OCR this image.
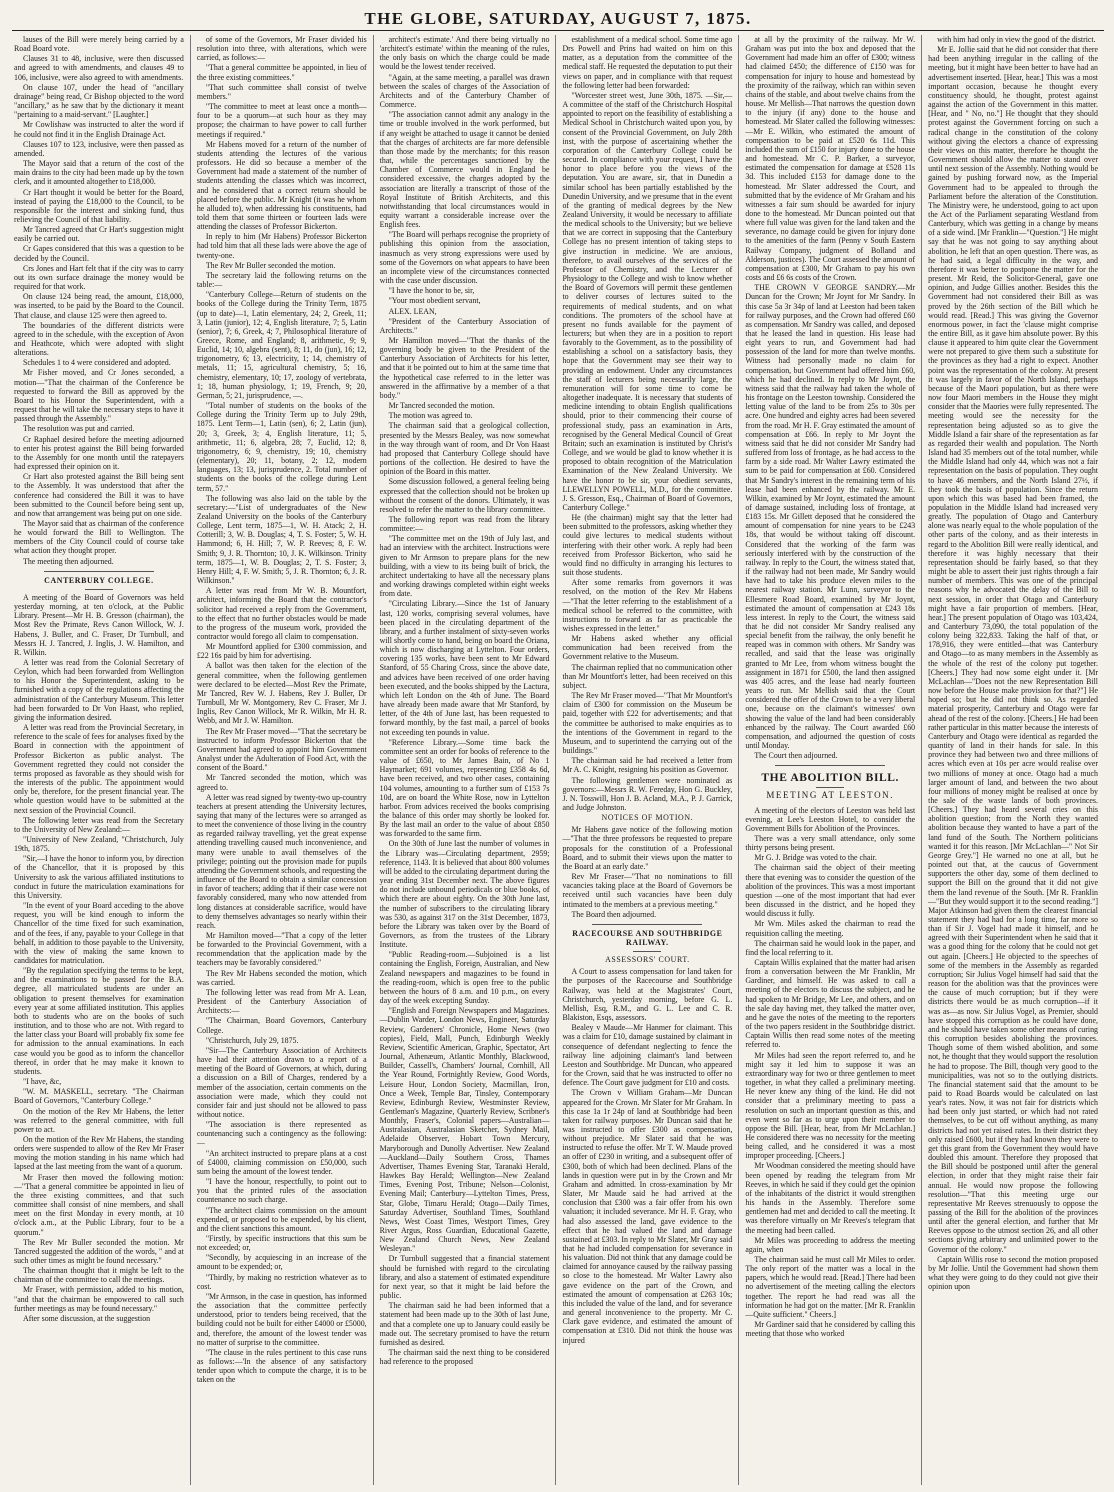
THE GLOBE, SATURDAY, AUGUST 7, 1875.

lauses of the Bill were merely being carried by a Road Board vote.

Clauses 31 to 48, inclusive, were then discussed and agreed to with amendments, and clauses 49 to 106, inclusive, were also agreed to with amendments.

On clause 107, under the head of "ancillary drainage" being read, Cr Bishop objected to the word "ancillary," as he saw that by the dictionary it meant "pertaining to a maid-servant." [Laughter.]

Mr Cowlishaw was instructed to alter the word if he could not find it in the English Drainage Act.

Clauses 107 to 123, inclusive, were then passed as amended.

The Mayor said that a return of the cost of the main drains to the city had been made up by the town clerk, and it amounted altogether to £18,000.

Cr Hart thought it would be better for the Board, instead of paying the £18,000 to the Council, to be responsible for the interest and sinking fund, thus relieving the Council of that liability.

Mr Tancred agreed that Cr Hart's suggestion might easily be carried out.

Cr Gapes considered that this was a question to be decided by the Council.

Crs Jones and Hart felt that if the city was to carry out its own surface drainage the money would be required for that work.

On clause 124 being read, the amount, £18,000, was inserted, to be paid by the Board to the Council. That clause, and clause 125 were then agreed to.

The boundaries of the different districts were agreed to in the schedule, with the exception of Avon and Heathcote, which were adopted with slight alterations.

Schedules 1 to 4 were considered and adopted.

Mr Fisher moved, and Cr Jones seconded, a motion—"That the chairman of the Conference be requested to forward the Bill as approved by the Board to his Honor the Superintendent, with a request that he will take the necessary steps to have it passed through the Assembly."

The resolution was put and carried.

Cr Raphael desired before the meeting adjourned to enter his protest against the Bill being forwarded to the Assembly for one month until the ratepayers had expressed their opinion on it.

Cr Hart also protested against the Bill being sent to the Assembly. It was understood that after the conference had considered the Bill it was to have been submitted to the Council before being sent up, and now that arrangement was being put on one side.

The Mayor said that as chairman of the conference he would forward the Bill to Wellington. The members of the City Council could of course take what action they thought proper.

The meeting then adjourned.

CANTERBURY COLLEGE.

A meeting of the Board of Governors was held yesterday morning, at ten o'clock, at the Public Library. Present—Mr H. B. Gresson (chairman), the Most Rev the Primate, Revs Canon Willock, W. J. Habens, J. Buller, and C. Fraser, Dr Turnbull, and Messrs H. J. Tancred, J. Inglis, J. W. Hamilton, and R. Wilkin.

A letter was read from the Colonial Secretary of Ceylon, which had been forwarded from Wellington to his Honor the Superintendent, asking to be furnished with a copy of the regulations affecting the administration of the Canterbury Museum. This letter had been forwarded to Dr Von Haast, who replied, giving the information desired.

A letter was read from the Provincial Secretary, in reference to the scale of fees for analyses fixed by the Board in connection with the appointment of Professor Bickerton as public analyst. The Government regretted they could not consider the terms proposed as favorable as they should wish for the interests of the public. The appointment would only be, therefore, for the present financial year. The whole question would have to be submitted at the next session of the Provincial Council.

The following letter was read from the Secretary to the University of New Zealand:—

"University of New Zealand, "Christchurch, July 19th, 1875.

"Sir,—I have the honor to inform you, by direction of the Chancellor, that it is proposed by this University to ask the various affiliated institutions to conduct in future the matriculation examinations for this University.

"In the event of your Board acceding to the above request, you will be kind enough to inform the Chancellor of the time fixed for such examination, and of the fees, if any, payable to your College in that behalf, in addition to those payable to the University, with the view of making the same known to candidates for matriculation.

"By the regulation specifying the terms to be kept, and the examinations to be passed for the B.A. degree, all matriculated students are under an obligation to present themselves for examination every year at some affiliated institution. This applies both to students who are on the books of such institution, and to those who are not. With regard to the latter class your Board will probably fix some fee for admission to the annual examinations. In each case would you be good as to inform the chancellor thereof, in order that he may make it known to students.

"I have, &c,

"W. M. MASKELL, secretary. "The Chairman Board of Governors, "Canterbury College."

On the motion of the Rev Mr Habens, the letter was referred to the general committee, with full power to act.

On the motion of the Rev Mr Habens, the standing orders were suspended to allow of the Rev Mr Fraser moving the motion standing in his name which had lapsed at the last meeting from the want of a quorum.

Mr Fraser then moved the following motion:—"That a general committee be appointed in lieu of the three existing committees, and that such committee shall consist of nine members, and shall meet on the first Monday in every month, at 10 o'clock a.m., at the Public Library, four to be a quorum."

The Rev Mr Buller seconded the motion. Mr Tancred suggested the addition of the words, " and at such other times as might be found necessary."

The chairman thought that it might be left to the chairman of the committee to call the meetings.

Mr Fraser, with permission, added to his motion, "and that the chairman be empowered to call such further meetings as may be found necessary."

After some discussion, at the suggestion

of some of the Governors, Mr Fraser divided his resolution into three, with alterations, which were carried, as follows:—

"That a general committee be appointed, in lieu of the three existing committees."

"That such committee shall consist of twelve members."

"The committee to meet at least once a month—four to be a quorum—at such hour as they may propose; the chairman to have power to call further meetings if required."

Mr Habens moved for a return of the number of students attending the lectures of the various professors. He did so because a member of the Government had made a statement of the number of students attending the classes which was incorrect, and he considered that a correct return should be placed before the public. Mr Knight (it was he whom he alluded to), when addressing his constituents, had told them that some thirteen or fourteen lads were attending the classes of Professor Bickerton.

In reply to him (Mr Habens) Professor Bickerton had told him that all these lads were above the age of twenty-one.

The Rev Mr Buller seconded the motion.

The secretary laid the following returns on the table:—

"Canterbury College—Return of students on the books of the College during the Trinity Term, 1875 (up to date)—1, Latin elementary, 24; 2, Greek, 11; 3, Latin (junior), 12; 4, English literature, 7; 5, Latin (senior), 7; 6, Greek, 4; 7, Philosophical literature of Greece, Rome, and England; 8, arithmetic, 9; 9, Euclid, 14; 10, algebra (sent), 8; 11, do (jun), 16; 12, trigonometry, 6; 13, electricity, 1; 14, chemistry of metals, 11; 15, agricultural chemistry, 5; 16, chemistry, elementary, 10; 17, zoology of vertebrata, 1; 18, human physiology, 1; 19, French, 9; 20, German, 5; 21, jurisprudence, —.

"Total number of students on the books of the College during the Trinity Term up to July 29th, 1875. Lent Term—1, Latin (sen), 6; 2, Latin (jun), 20; 3, Greek, 3; 4, English literature, 11; 5, arithmetic, 11; 6, algebra, 28; 7, Euclid, 12; 8, trigonometry, 6; 9, chemistry, 19; 10, chemistry (elementary), 20; 11, botany, 2; 12, modern languages, 13; 13, jurisprudence, 2. Total number of students on the books of the college during Lent term, 57."

The following was also laid on the table by the secretary:—"List of undergraduates of the New Zealand University on the books of the Canterbury College, Lent term, 1875—1, W. H. Atack; 2, H. Cotterill; 3, W. B. Douglas; 4, T. S. Foster; 5, W. H. Hammond; 6, H. Hill; 7, W. P. Reeves; 8, F. W. Smith; 9, J. R. Thornton; 10, J. K. Wilkinson. Trinity term, 1875—1, W. B. Douglas; 2, T. S. Foster; 3, Henry Hill; 4, F. W. Smith; 5, J. R. Thornton; 6, J. R. Wilkinson."

A letter was read from Mr W. B. Mountfort, architect, informing the Board that the contractor's solicitor had received a reply from the Government, to the effect that no further obstacles would be made to the progress of the museum work, provided the contractor would forego all claim to compensation.

Mr Mountford applied for £300 commission, and £22 16s paid by him for advertising.

A ballot was then taken for the election of the general committee, when the following gentlemen were declared to be elected—Most Rev the Primate, Mr Tancred, Rev W. J. Habens, Rev J. Buller, Dr Turnbull, Mr W. Montgomery, Rev C. Fraser, Mr J. Inglis, Rev Canon Willock, Mr R. Wilkin, Mr H. R. Webb, and Mr J. W. Hamilton.

The Rev Mr Fraser moved—"That the secretary be instructed to inform Professor Bickerton that the Government had agreed to appoint him Government Analyst under the Adulteration of Food Act, with the consent of the Board."

Mr Tancred seconded the motion, which was agreed to.

A letter was read signed by twenty-two up-country teachers at present attending the University lectures, saying that many of the lectures were so arranged as to meet the convenience of those living in the country as regarded railway travelling, yet the great expense attending travelling caused much inconvenience, and many were unable to avail themselves of the privilege; pointing out the provision made for pupils attending the Government schools, and requesting the influence of the Board to obtain a similar concession in favor of teachers; adding that if their case were not favorably considered, many who now attended from long distances at considerable sacrifice, would have to deny themselves advantages so nearly within their reach.

Mr Hamilton moved—"That a copy of the letter be forwarded to the Provincial Government, with a recommendation that the application made by the teachers may be favorably considered."

The Rev Mr Habens seconded the motion, which was carried.

The following letter was read from Mr A. Lean, President of the Canterbury Association of Architects:—

"The Chairman, Board Governors, Canterbury College.

"Christchurch, July 29, 1875.

"Sir—The Canterbury Association of Architects have had their attention drawn to a report of a meeting of the Board of Governors, at which, during a discussion on a Bill of Charges, rendered by a member of the association, certain comments on the association were made, which they could not consider fair and just should not be allowed to pass without notice.

"The association is there represented as countenancing such a contingency as the following:—

"An architect instructed to prepare plans at a cost of £4000, claiming commission on £50,000, such sum being the amount of the lowest tender.

"I have the honour, respectfully, to point out to you that the printed rules of the association countenance no such charge.

"The architect claims commission on the amount expended, or proposed to be expended, by his client, and the client sanctions this amount.

"Firstly, by specific instructions that this sum be not exceeded; or,

"Secondly, by acquiescing in an increase of the amount to be expended; or,

"Thirdly, by making no restriction whatever as to cost.

"Mr Armson, in the case in question, has informed the association that the committee perfectly understood, prior to tenders being received, that the building could not be built for either £4000 or £5000, and, therefore, the amount of the lowest tender was no matter of surprise to the committee.

"The clause in the rules pertinent to this case runs as follows:—'In the absence of any satisfactory tender upon which to compute the charge, it is to be taken on the

architect's estimate.' And there being virtually no 'architect's estimate' within the meaning of the rules, the only basis on which the charge could be made would be the lowest tender received.

"Again, at the same meeting, a parallel was drawn between the scales of charges of the Association of Architects and of the Canterbury Chamber of Commerce.

"The association cannot admit any analogy in the time or trouble involved in the work performed, but if any weight be attached to usage it cannot be denied that the charges of architects are far more defensible than those made by the merchants; for this reason that, while the percentages sanctioned by the Chamber of Commerce would in England be considered excessive, the charges adopted by the association are literally a transcript of those of the Royal Institute of British Architects, and this notwithstanding that local circumstances would in equity warrant a considerable increase over the English fees.

"The Board will perhaps recognise the propriety of publishing this opinion from the association, inasmuch as very strong expressions were used by some of the Governors on what appears to have been an incomplete view of the circumstances connected with the case under discussion.

"I have the honor to be, sir,

"Your most obedient servant,

ALEX. LEAN,

"President of the Canterbury Association of Architects."

Mr Hamilton moved—"That the thanks of the governing body be given to the President of the Canterbury Association of Architects for his letter, and that it be pointed out to him at the same time that the hypothetical case referred to in the letter was answered in the affirmative by a member of a that body."

Mr Tancred seconded the motion.

The motion was agreed to.

The chairman said that a geological collection, presented by the Messrs Bealey, was now somewhat in the way through want of room, and Dr Von Haast had proposed that Canterbury College should have portions of the collection. He desired to have the opinion of the Board in this matter.

Some discussion followed, a general feeling being expressed that the collection should not be broken up without the consent of the donors. Ultimately, it was resolved to refer the matter to the library committee.

The following report was read from the library committee:—

"The committee met on the 19th of July last, and had an interview with the architect. Instructions were given to Mr Armson to prepare plans for the new building, with a view to its being built of brick, the architect undertaking to have all the necessary plans and working drawings completed within eight weeks from date.

"Circulating Library.—Since the 1st of January last, 120 works, comprising several volumes, have been placed in the circulating department of the library, and a further instalment of sixty-seven works will shortly come to hand, being on board the Oriana, which is now discharging at Lyttelton. Four orders, covering 135 works, have been sent to Mr Edward Stanford, of 55 Charing Cross, since the above date, and advices have been received of one order having been executed, and the books shipped by the Lactura, which left London on the 4th of June. The Board have already been made aware that Mr Stanford, by letter, of the 4th of June last, has been requested to forward monthly, by the fast mail, a parcel of books not exceeding ten pounds in value.

"Reference Library.—Some time back the committee sent an order for books of reference to the value of £650, to Mr James Bain, of No 1 Haymarket; 691 volumes, representing £358 4s 6d, have been received, and two other cases, containing 104 volumes, amounting to a further sum of £153 7s 10d, are on board the White Rose, now in Lyttelton harbor. From advices received the books comprising the balance of this order may shortly be looked for. By the last mail an order to the value of about £850 was forwarded to the same firm.

On the 30th of June last the number of volumes in the Library was—Circulating department, 2959; reference, 1143. It is believed that about 800 volumes will be added to the circulating department during the year ending 31st December next. The above figures do not include unbound periodicals or blue books, of which there are about eighty. On the 30th June last, the number of subscribers to the circulating library was 530, as against 317 on the 31st December, 1873, before the Library was taken over by the Board of Governors, as from the trustees of the Library Institute.

"Public Reading-room.—Subjoined is a list containing the English, Foreign, Australian, and New Zealand newspapers and magazines to be found in the reading-room, which is open free to the public between the hours of 8 a.m. and 10 p.m., on every day of the week excepting Sunday.

"English and Foreign Newspapers and Magazines.—Dublin Warder, London News, Engineer, Saturday Review, Gardeners' Chronicle, Home News (two copies), Field, Mall, Punch, Edinburgh Weekly Review, Scientific American, Graphic, Spectator, Art Journal, Athenæum, Atlantic Monthly, Blackwood, Builder, Cassell's, Chambers' Journal, Cornhill, All the Year Round, Fortnightly Review, Good Words, Leisure Hour, London Society, Macmillan, Iron, Once a Week, Temple Bar, Tinsley, Contemporary Review, Edinburgh Review, Westminster Review, Gentleman's Magazine, Quarterly Review, Scribner's Monthly, Fraser's, Colonial papers—Australian—Australasian, Australasian Sketcher, Sydney Mail, Adelaide Observer, Hobart Town Mercury, Maryborough and Dunolly Advertiser. New Zealand—Auckland—Daily Southern Cross, Thames Advertiser, Thames Evening Star, Taranaki Herald, Hawkes Bay Herald; Wellington—New Zealand Times, Evening Post, Tribune; Nelson—Colonist, Evening Mail; Canterbury—Lyttelton Times, Press, Star, Globe, Timaru Herald; Otago—Daily Times, Saturday Advertiser, Southland Times, Southland News, West Coast Times, Westport Times, Grey River Argus, Ross Guardian, Educational Gazette, New Zealand Church News, New Zealand Wesleyan."

Dr Turnbull suggested that a financial statement should be furnished with regard to the circulating library, and also a statement of estimated expenditure for next year, so that it might be laid before the public.

The chairman said he had been informed that a statement had been made up to the 30th of last June, and that a complete one up to January could easily be made out. The secretary promised to have the return furnished as desired.

The chairman said the next thing to be considered had reference to the proposed

establishment of a medical school. Some time ago Drs Powell and Prins had waited on him on this matter, as a deputation from the committee of the medical staff. He requested the deputation to put their views on paper, and in compliance with that request the following letter had been forwarded:

"Worcester street west, June 30th, 1875. —Sir,—A committee of the staff of the Christchurch Hospital appointed to report on the feasibility of establishing a Medical School in Christchurch waited upon you, by consent of the Provincial Government, on July 28th inst, with the purpose of ascertaining whether the corporation of the Canterbury College could be secured. In compliance with your request, I have the honor to place before you the views of the deputation. You are aware, sir, that in Dunedin a similar school has been partially established by the Dunedin University, and we presume that in the event of the granting of medical degrees by the New Zealand University, it would be necessary to affiliate the medical schools to the University; but we believe that we are correct in supposing that the Canterbury College has no present intention of taking steps to give instruction in medicine. We are anxious, therefore, to avail ourselves of the services of the Professor of Chemistry, and the Lecturer of Physiology to the College and wish to know whether the Board of Governors will permit these gentlemen to deliver courses of lectures suited to the requirements of medical students, and on what conditions. The promoters of the school have at present no funds available for the payment of lecturers; but when they are in a position to report favorably to the Government, as to the possibility of establishing a school on a satisfactory basis, they hope that the Government may see their way to providing an endowment. Under any circumstances the staff of lecturers being necessarily large, the remuneration will for some time to come be altogether inadequate. It is necessary that students of medicine intending to obtain English qualifications should, prior to their commencing their course of professional study, pass an examination in Arts, recognised by the General Medical Council of Great Britain; such an examination is instituted by Christ's College, and we would be glad to know whether it is proposed to obtain recognition of the Matriculation Examination of the New Zealand University. We have the honor to be sir, your obedient servants, LLEWELLYN POWELL, M.D., for the committee. J. S. Gresson, Esq., Chairman of Board of Governors, Canterbury College."

He (the chairman) might say that the letter had been submitted to the professors, asking whether they could give lectures to medical students without interfering with their other work. A reply had been received from Professor Bickerton, who said he would find no difficulty in arranging his lectures to suit those students.

After some remarks from governors it was resolved, on the motion of the Rev Mr Habens—"That the letter referring to the establishment of a medical school be referred to the committee, with instructions to forward as far as practicable the wishes expressed in the letter."

Mr Habens asked whether any official communication had been received from the Government relative to the Museum.

The chairman replied that no communication other than Mr Mountfort's letter, had been received on this subject.

The Rev Mr Fraser moved—"That Mr Mountfort's claim of £300 for commission on the Museum be paid, together with £22 for advertisements; and that the committee be authorised to make enquiries as to the intentions of the Government in regard to the Museum, and to superintend the carrying out of the buildings."

The chairman said he had received a letter from Mr A. C. Knight, resigning his position as Governor.

The following gentlemen were nominated as governors:—Messrs R. W. Fereday, Hon G. Buckley, J. N. Tosswill, Hon J. B. Acland, M.A., P. J. Garrick, and Judge Johnston.

NOTICES OF MOTION.

Mr Habens gave notice of the following motion—"That the three professors be requested to prepare proposals for the constitution of a Professional Board, and to submit their views upon the matter to the Board at an early date."

Rev Mr Fraser—"That no nominations to fill vacancies taking place at the Board of Governors be received until such vacancies have been duly intimated to the members at a previous meeting."

The Board then adjourned.

RACECOURSE AND SOUTHBRIDGE RAILWAY.
ASSESSORS' COURT.

A Court to assess compensation for land taken for the purposes of the Racecourse and Southbridge Railway, was held at the Magistrates' Court, Christchurch, yesterday morning, before G. L. Mellish, Esq, R.M., and G. L. Lee and C. R. Blakiston, Esqs, assessors.

Bealey v Maude—Mr Hanmer for claimant. This was a claim for £10, damage sustained by claimant in consequence of defendant neglecting to fence the railway line adjoining claimant's land between Leeston and Southbridge. Mr Duncan, who appeared for the Crown, said that he was instructed to offer no defence. The Court gave judgment for £10 and costs.

The Crown v William Graham—Mr Duncan appeared for the Crown. Mr Slater for Mr Graham. In this case 1a 1r 24p of land at Southbridge had been taken for railway purposes. Mr Duncan said that he was instructed to offer £300 as compensation, without prejudice. Mr Slater said that he was instructed to refuse the offer. Mr T. W. Maude proved an offer of £230 in writing, and a subsequent offer of £300, both of which had been declined. Plans of the lands in question were put in by the Crown and Mr Graham and admitted. In cross-examination by Mr Slater, Mr Maude said he had arrived at the conclusion that £300 was a fair offer from his own valuation; it included severance. Mr H. F. Gray, who had also assessed the land, gave evidence to the effect that he had valued the land and damage sustained at £303. In reply to Mr Slater, Mr Gray said that he had included compensation for severance in his valuation. Did not think that any damage could be claimed for annoyance caused by the railway passing so close to the homestead. Mr Walter Lawry also gave evidence on the part of the Crown, and estimated the amount of compensation at £263 10s; this included the value of the land, and for severance and general inconvenience to the property. Mr C. Clark gave evidence, and estimated the amount of compensation at £310. Did not think the house was injured

at all by the proximity of the railway. Mr W. Graham was put into the box and deposed that the Government had made him an offer of £300; witness had claimed £450; the difference of £150 was for compensation for injury to house and homestead by the proximity of the railway, which ran within seven chains of the stable, and about twelve chains from the house. Mr Mellish—That narrows the question down to the injury (if any) done to the house and homestead. Mr Slater called the following witnesses:—Mr E. Wilkin, who estimated the amount of compensation to be paid at £520 6s 11d. This included the sum of £150 for injury done to the house and homestead. Mr C. P. Barker, a surveyor, estimated the compensation for damage at £528 11s 3d. This included £153 for damage done to the homestead. Mr Slater addressed the Court, and submitted that by the evidence of Mr Graham and his witnesses a fair sum should be awarded for injury done to the homestead. Mr Duncan pointed out that where full value was given for the land taken and the severance, no damage could be given for injury done to the amenities of the farm (Penny v South Eastern Railway Company, judgment of Bolland and Alderson, justices). The Court assessed the amount of compensation at £300, Mr Graham to pay his own costs and £6 6s costs of the Crown.

THE CROWN V GEORGE SANDRY.—Mr Duncan for the Crown; Mr Joynt for Mr Sandry. In this case 5a 3r 34p of land at Leeston had been taken for railway purposes, and the Crown had offered £60 as compensation. Mr Sandry was called, and deposed that he leased the land in question. His lease had eight years to run, and Government had had possession of the land for more than twelve months. Witness had personally made no claim for compensation, but Government had offered him £60, which he had declined. In reply to Mr Joynt, the witness said that the railway had taken the whole of his frontage on the Leeston township. Considered the letting value of the land to be from 25s to 30s per acre. One hundred and eighty acres had been severed from the road. Mr H. F. Gray estimated the amount of compensation at £66. In reply to Mr Joynt the witness said that he did not consider Mr Sandry had suffered from loss of frontage, as he had access to the farm by a side road. Mr Walter Lawry estimated the sum to be paid for compensation at £60. Considered that Mr Sandry's interest in the remaining term of his lease had been enhanced by the railway. Mr E. Wilkin, examined by Mr Joynt, estimated the amount of damage sustained, including loss of frontage, at £183 15s. Mr Gillett deposed that he considered the amount of compensation for nine years to be £243 18s, that would be without taking off discount. Considered that the working of the farm was seriously interfered with by the construction of the railway. In reply to the Court, the witness stated that, if the railway had not been made, Mr Sandry would have had to take his produce eleven miles to the nearest railway station. Mr Lunn, surveyor to the Ellesmere Road Board, examined by Mr Joynt, estimated the amount of compensation at £243 18s less interest. In reply to the Court, the witness said that he did not consider Mr Sandry realised any special benefit from the railway, the only benefit he reaped was in common with others. Mr Sandry was recalled, and said that the lease was originally granted to Mr Lee, from whom witness bought the assignment in 1871 for £500, the land then assigned was 405 acres, and the lease had nearly fourteen years to run. Mr Mellish said that the Court considered the offer of the Crown to be a very liberal one, because on the claimant's witnesses' own showing the value of the land had been considerably enhanced by the railway. The Court awarded £60 compensation, and adjourned the question of costs until Monday.

The Court then adjourned.

THE ABOLITION BILL.
MEETING AT LEESTON.

A meeting of the electors of Leeston was held last evening, at Lee's Leeston Hotel, to consider the Government Bills for Abolition of the Provinces.

There was a very small attendance, only some thirty persons being present.

Mr G. J. Bridge was voted to the chair.

The chairman said the object of their meeting there that evening was to consider the question of the abolition of the provinces. This was a most important question —one of the most important that had ever been discussed in the district, and he hoped they would discuss it fully.

Mr Wm. Miles asked the chairman to read the requisition calling the meeting.

The chairman said he would look in the paper, and find the local referring to it.

Captain Willis explained that the matter had arisen from a conversation between the Mr Franklin, Mr Gardiner, and himself. He was asked to call a meeting of the electors to discuss the subject, and he had spoken to Mr Bridge, Mr Lee, and others, and on the sale day having met, they talked the matter over, and he gave the notes of the meeting to the reporters of the two papers resident in the Southbridge district. Captain Willis then read some notes of the meeting referred to.

Mr Miles had seen the report referred to, and he might say it led him to suppose it was an extraordinary way for two or three gentlemen to meet together, in what they called a preliminary meeting. He never knew any thing of the kind. He did not consider that a preliminary meeting to pass a resolution on such an important question as this, and even went so far as to urge upon their member to oppose the Bill. [Hear, hear, from Mr McLachlan.] He considered there was no necessity for the meeting being called, and he considered it was a most improper proceeding. [Cheers.]

Mr Woodman considered the meeting should have been opened by reading the telegram from Mr Reeves, in which he said if they could get the opinion of the inhabitants of the district it would strengthen his hands in the Assembly. Therefore some gentlemen had met and decided to call the meeting. It was therefore virtually on Mr Reeves's telegram that the meeting had been called.

Mr Miles was proceeding to address the meeting again, when

The chairman said he must call Mr Miles to order. The only report of the matter was a local in the papers, which he would read. [Read.] There had been no advertisement of the meeting calling the electors together. The report he had read was all the information he had got on the matter. [Mr R. Franklin—Quite sufficient." Cheers.]

Mr Gardiner said that he considered by calling this meeting that those who worked

with him had only in view the good of the district.

Mr E. Jollie said that he did not consider that there had been anything irregular in the calling of the meeting, but it might have been better to have had an advertisement inserted. [Hear, hear.] This was a most important occasion, because he thought every constituency should, he thought, protest against against the action of the Government in this matter. [Hear, and " No, no."] He thought that they should protest against the Government forcing on such a radical change in the constitution of the colony without giving the electors a chance of expressing their views on this matter, therefore he thought the Government should allow the matter to stand over until next session of the Assembly. Nothing would be gained by pushing forward now, as the Imperial Government had to be appealed to through the Parliament before the alteration of the Constitution. The Ministry were, he understood, going to act upon the Act of the Parliament separating Westland from Canterbury, which was getting in a change by means of a side wind. [Mr Franklin—"Question."] He might say that he was not going to say anything about abolition, he left that an open question. There was, as he had said, a legal difficulty in the way, and therefore it was better to postpone the matter for the present. Mr Reid, the Solicitor-General, gave one opinion, and Judge Gillies another. Besides this the Government had not considered their Bill as was proved by the 26th section of the Bill which he would read. [Read.] This was giving the Governor enormous power, in fact the 'clause might comprise the entire Bill, as it gave him absolute power. By this clause it appeared to him quite clear the Government were not prepared to give them such a substitute for the provinces as they had a right to expect. Another point was the representation of the colony. At present it was largely in favor of the North Island, perhaps because of the Maori population, but as there were now four Maori members in the House they might consider that the Maories were fully represented. The meeting would see the necessity for the representation being adjusted so as to give the Middle Island a fair share of the representation as far as regarded their wealth and population. The North Island had 35 members out of the total number, while the Middle Island had only 44, which was not a fair representation on the basis of population. They ought to have 46 members, and the North Island 27½, if they took the basis of population. Since the return upon which this was based had been framed, the population in the Middle Island had increased very greatly. The population of Otago and Canterbury alone was nearly equal to the whole population of the other parts of the colony, and as their interests in regard to the Abolition Bill were really identical, and therefore it was highly necessary that their representation should be fairly based, so that they might be able to assert their just rights through a fair number of members. This was one of the principal reasons why he advocated the delay of the Bill to next session, in order that Otago and Canterbury might have a fair proportion of members. [Hear, hear.] The present population of Otago was 103,424, and Canterbury 73,090, the total population of the colony being 322,833. Taking the half of that, or 178,916, they were entitled—that was Canterbury and Otago—to as many members in the Assembly as the whole of the rest of the colony put together. [Cheers.] They had now some eight under it. [Mr McLachlan—"Does not the new Representation Bill now before the House make provision for that?"] He hoped so; but he did not think so. As regarded material prosperity, Canterbury and Otago were far ahead of the rest of the colony. [Cheers.] He had been rather particular in this matter because the interests of Canterbury and Otago were identical as regarded the quantity of land in their hands for sale. In this province they had between two and three millions of acres which even at 10s per acre would realise over two millions of money at once. Otago had a much larger amount of land, and between the two about four millions of money might be realised at once by the sale of the waste lands of both provinces. [Cheers.] They had heard several cries on this abolition question; from the North they wanted abolition because they wanted to have a part of the land fund of the South. The Northern politicians wanted it for this reason. [Mr McLachlan—" Not Sir George Grey."] He warned no one at all, but he pointed out that, at the caucus of Government supporters the other day, some of them declined to support the Bill on the ground that it did not give them the land revenue of the South. [Mr R. Franklin—"But they would support it to the second reading."] Major Atkinson had given them the clearest financial statement they had had for a long time, far more so than if Sir J. Vogel had made it himself, and he agreed with their Superintendent when he said that it was a good thing for the colony that he could not get out again. [Cheers.] He objected to the speeches of some of the members in the Assembly as regarded corruption; Sir Julius Vogel himself had said that the reason for the abolition was that the provinces were the cause of much corruption; but if they were districts there would be as much corruption—if it was as—as now. Sir Julius Vogel, as Premier, should have stopped this corruption as he could have done, and he should have taken some other means of curing this corruption besides abolishing the provinces. Though some of them wished abolition, and some not, he thought that they would support the resolution he had to propose. The Bill, though very good to the municipalities, was not so to the outlying districts. The financial statement said that the amount to be paid to Road Boards would be calculated on last year's rates. Now, it was not fair for districts which had been only just started, or which had not rated themselves, to be cut off without anything, as many districts had not yet raised rates. In their district they only raised £600, but if they had known they were to get this grant from the Government they would have doubled this amount. Therefore they proposed that the Bill should be postponed until after the general election, in order that they might raise their fair annual. He would now propose the following resolution—"That this meeting urge our representative Mr Reeves strenuously to oppose the passing of the Bill for the abolition of the provinces until after the general election, and further that Mr Reeves oppose to the utmost section 26, and all other sections giving arbitrary and unlimited power to the Governor of the colony."

Captain Willis rose to second the motion proposed by Mr Jollie. Until the Government had shown them what they were going to do they could not give their opinion upon
